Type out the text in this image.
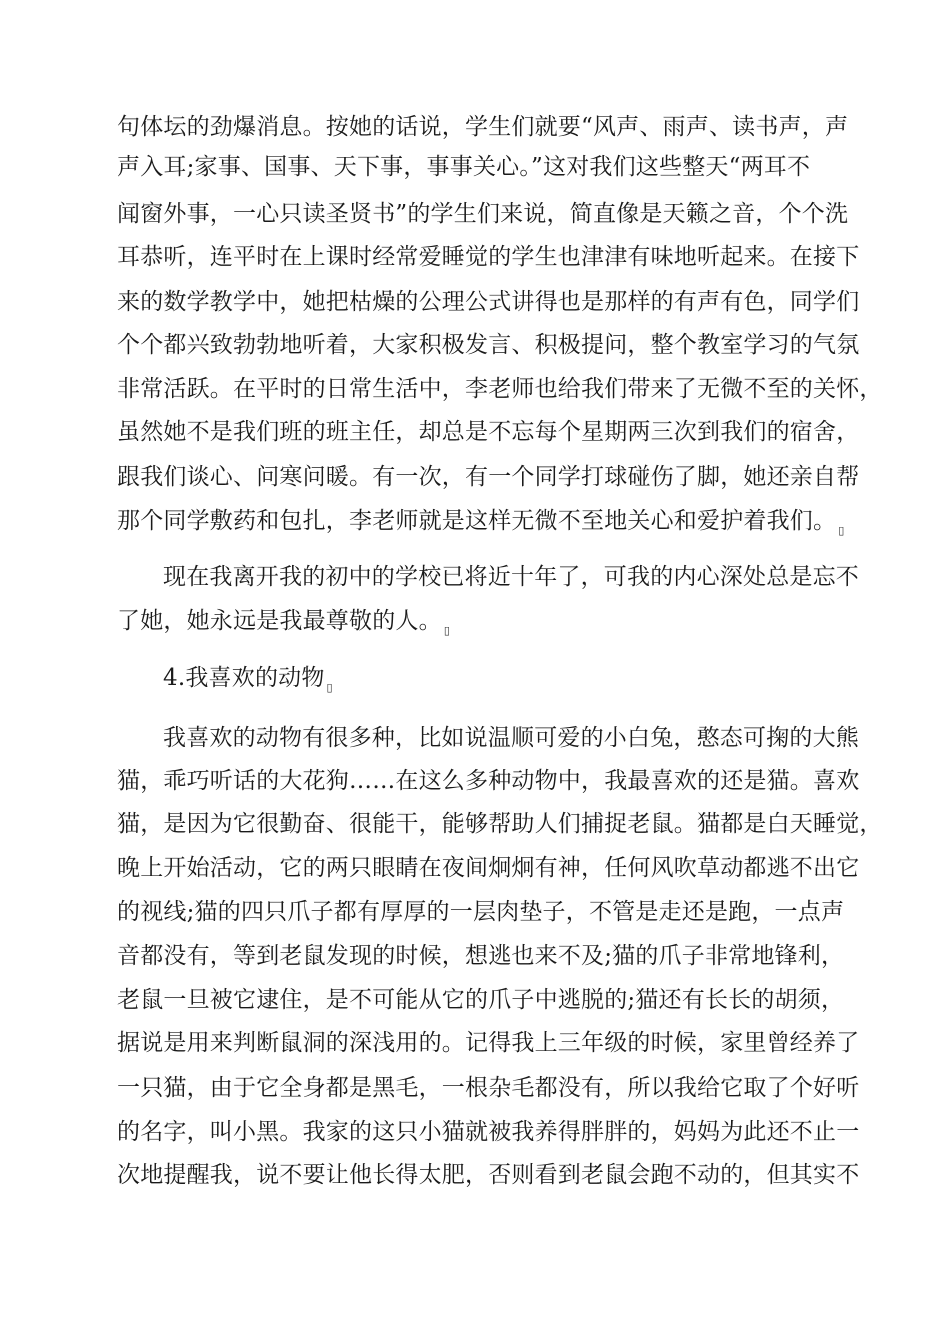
句体坛的劲爆消息。按她的话说，学生们就要“风声、雨声、读书声，声
声入耳;家事、国事、天下事，事事关心。”这对我们这些整天“两耳不
闻窗外事，一心只读圣贤书”的学生们来说，简直像是天籁之音，个个洗
耳恭听，连平时在上课时经常爱睡觉的学生也津津有味地听起来。在接下
来的数学教学中，她把枯燥的公理公式讲得也是那样的有声有色，同学们
个个都兴致勃勃地听着，大家积极发言、积极提问，整个教室学习的气氛
非常活跃。在平时的日常生活中，李老师也给我们带来了无微不至的关怀，
虽然她不是我们班的班主任，却总是不忘每个星期两三次到我们的宿舍，
跟我们谈心、问寒问暖。有一次，有一个同学打球碰伤了脚，她还亲自帮
那个同学敷药和包扎，李老师就是这样无微不至地关心和爱护着我们。 ▯
现在我离开我的初中的学校已将近十年了，可我的内心深处总是忘不
了她，她永远是我最尊敬的人。 ▯
4.我喜欢的动物 ▯
我喜欢的动物有很多种，比如说温顺可爱的小白兔，憨态可掬的大熊
猫，乖巧听话的大花狗……在这么多种动物中，我最喜欢的还是猫。喜欢
猫，是因为它很勤奋、很能干，能够帮助人们捕捉老鼠。猫都是白天睡觉，
晚上开始活动，它的两只眼睛在夜间炯炯有神，任何风吹草动都逃不出它
的视线;猫的四只爪子都有厚厚的一层肉垫子，不管是走还是跑，一点声
音都没有，等到老鼠发现的时候，想逃也来不及;猫的爪子非常地锋利，
老鼠一旦被它逮住，是不可能从它的爪子中逃脱的;猫还有长长的胡须，
据说是用来判断鼠洞的深浅用的。记得我上三年级的时候，家里曾经养了
一只猫，由于它全身都是黑毛，一根杂毛都没有，所以我给它取了个好听
的名字，叫小黑。我家的这只小猫就被我养得胖胖的，妈妈为此还不止一
次地提醒我，说不要让他长得太肥，否则看到老鼠会跑不动的，但其实不
